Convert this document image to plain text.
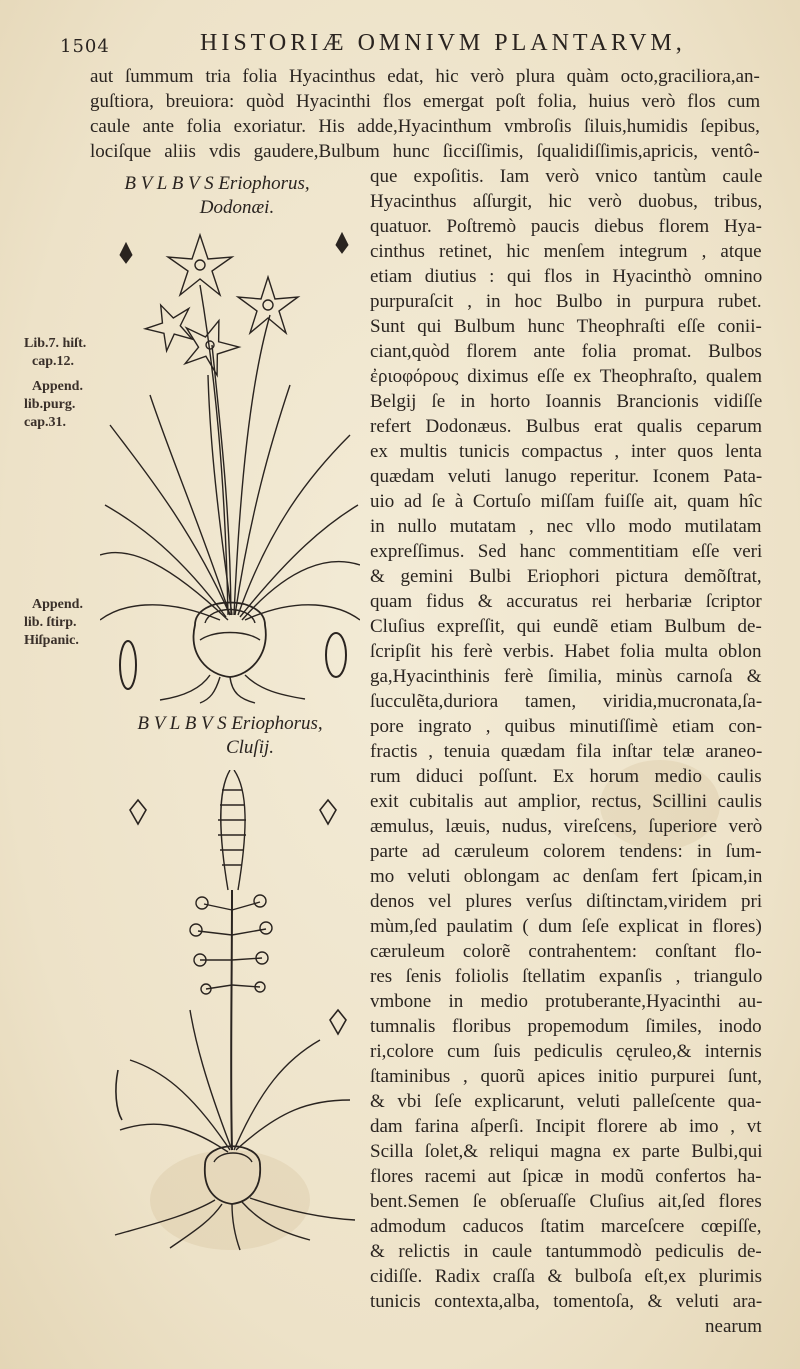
1504	HISTORIÆ OMNIVM PLANTARVM,
aut ſummum tria folia Hyacinthus edat, hic verò plura quàm octo,graciliora,an-
guſtiora, breuiora: quòd Hyacinthi flos emergat poſt folia, huius verò flos cum
caule ante folia exoriatur. His adde,Hyacinthum vmbroſis ſiluis,humidis ſepibus,
lociſque aliis vdis gaudere,Bulbum hunc ſicciſſimis, ſqualidiſſimis,apricis, ventô-
que expoſitis. Iam verò vnico tantùm caule
Hyacinthus aſſurgit, hic verò duobus, tribus,
quatuor. Poſtremò paucis diebus florem Hya-
cinthus retinet, hic menſem integrum , atque
etiam diutius : qui flos in Hyacinthò omnino
purpuraſcit , in hoc Bulbo in purpura rubet.
Sunt qui Bulbum hunc Theophraſti eſſe conii-
ciant,quòd florem ante folia promat. Bulbos
ἐριοφόρους diximus eſſe ex Theophraſto, qualem
Belgij ſe in horto Ioannis Brancionis vidiſſe
refert Dodonæus. Bulbus erat qualis ceparum
ex multis tunicis compactus , inter quos lenta
quædam veluti lanugo reperitur. Iconem Pata-
uio ad ſe à Cortuſo miſſam fuiſſe ait, quam hîc
in nullo mutatam , nec vllo modo mutilatam
expreſſimus. Sed hanc commentitiam eſſe veri
& gemini Bulbi Eriophori pictura demõſtrat,
quam fidus & accuratus rei herbariæ ſcriptor
Cluſius expreſſit, qui eundẽ etiam Bulbum de-
ſcripſit his ferè verbis. Habet folia multa oblon
ga,Hyacinthinis ferè ſimilia, minùs carnoſa &
ſucculẽta,duriora tamen, viridia,mucronata,ſa-
pore ingrato , quibus minutiſſimè etiam con-
fractis , tenuia quædam fila inſtar telæ araneo-
rum diduci poſſunt. Ex horum medio caulis
exit cubitalis aut amplior, rectus, Scillini caulis
æmulus, læuis, nudus, vireſcens, ſuperiore verò
parte ad cæruleum colorem tendens: in ſum-
mo veluti oblongam ac denſam fert ſpicam,in
denos vel plures verſus diſtinctam,viridem pri
mùm,ſed paulatim ( dum ſeſe explicat in flores)
cæruleum colorẽ contrahentem: conſtant flo-
res ſenis foliolis ſtellatim expanſis , triangulo
vmbone in medio protuberante,Hyacinthi au-
tumnalis floribus propemodum ſimiles, inodo
ri,colore cum ſuis pediculis cęruleo,& internis
ſtaminibus , quorũ apices initio purpurei ſunt,
& vbi ſeſe explicarunt, veluti palleſcente qua-
dam farina aſperſi. Incipit florere ab imo , vt
Scilla ſolet,& reliqui magna ex parte Bulbi,qui
flores racemi aut ſpicæ in modũ confertos ha-
bent.Semen ſe obſeruaſſe Cluſius ait,ſed flores
admodum caducos ſtatim marceſcere cœpiſſe,
& relictis in caule tantummodò pediculis de-
cidiſſe. Radix craſſa & bulboſa eſt,ex plurimis
tunicis contexta,alba, tomentoſa, & veluti ara-
nearum
Lib.7. hiſt.
cap.12.
Append.
lib.purg.
cap.31.
Append.
lib. ſtirp.
Hiſpanic.
B V L B V S Eriophorus,
Dodonæi.
B V L B V S Eriophorus,
Cluſij.
